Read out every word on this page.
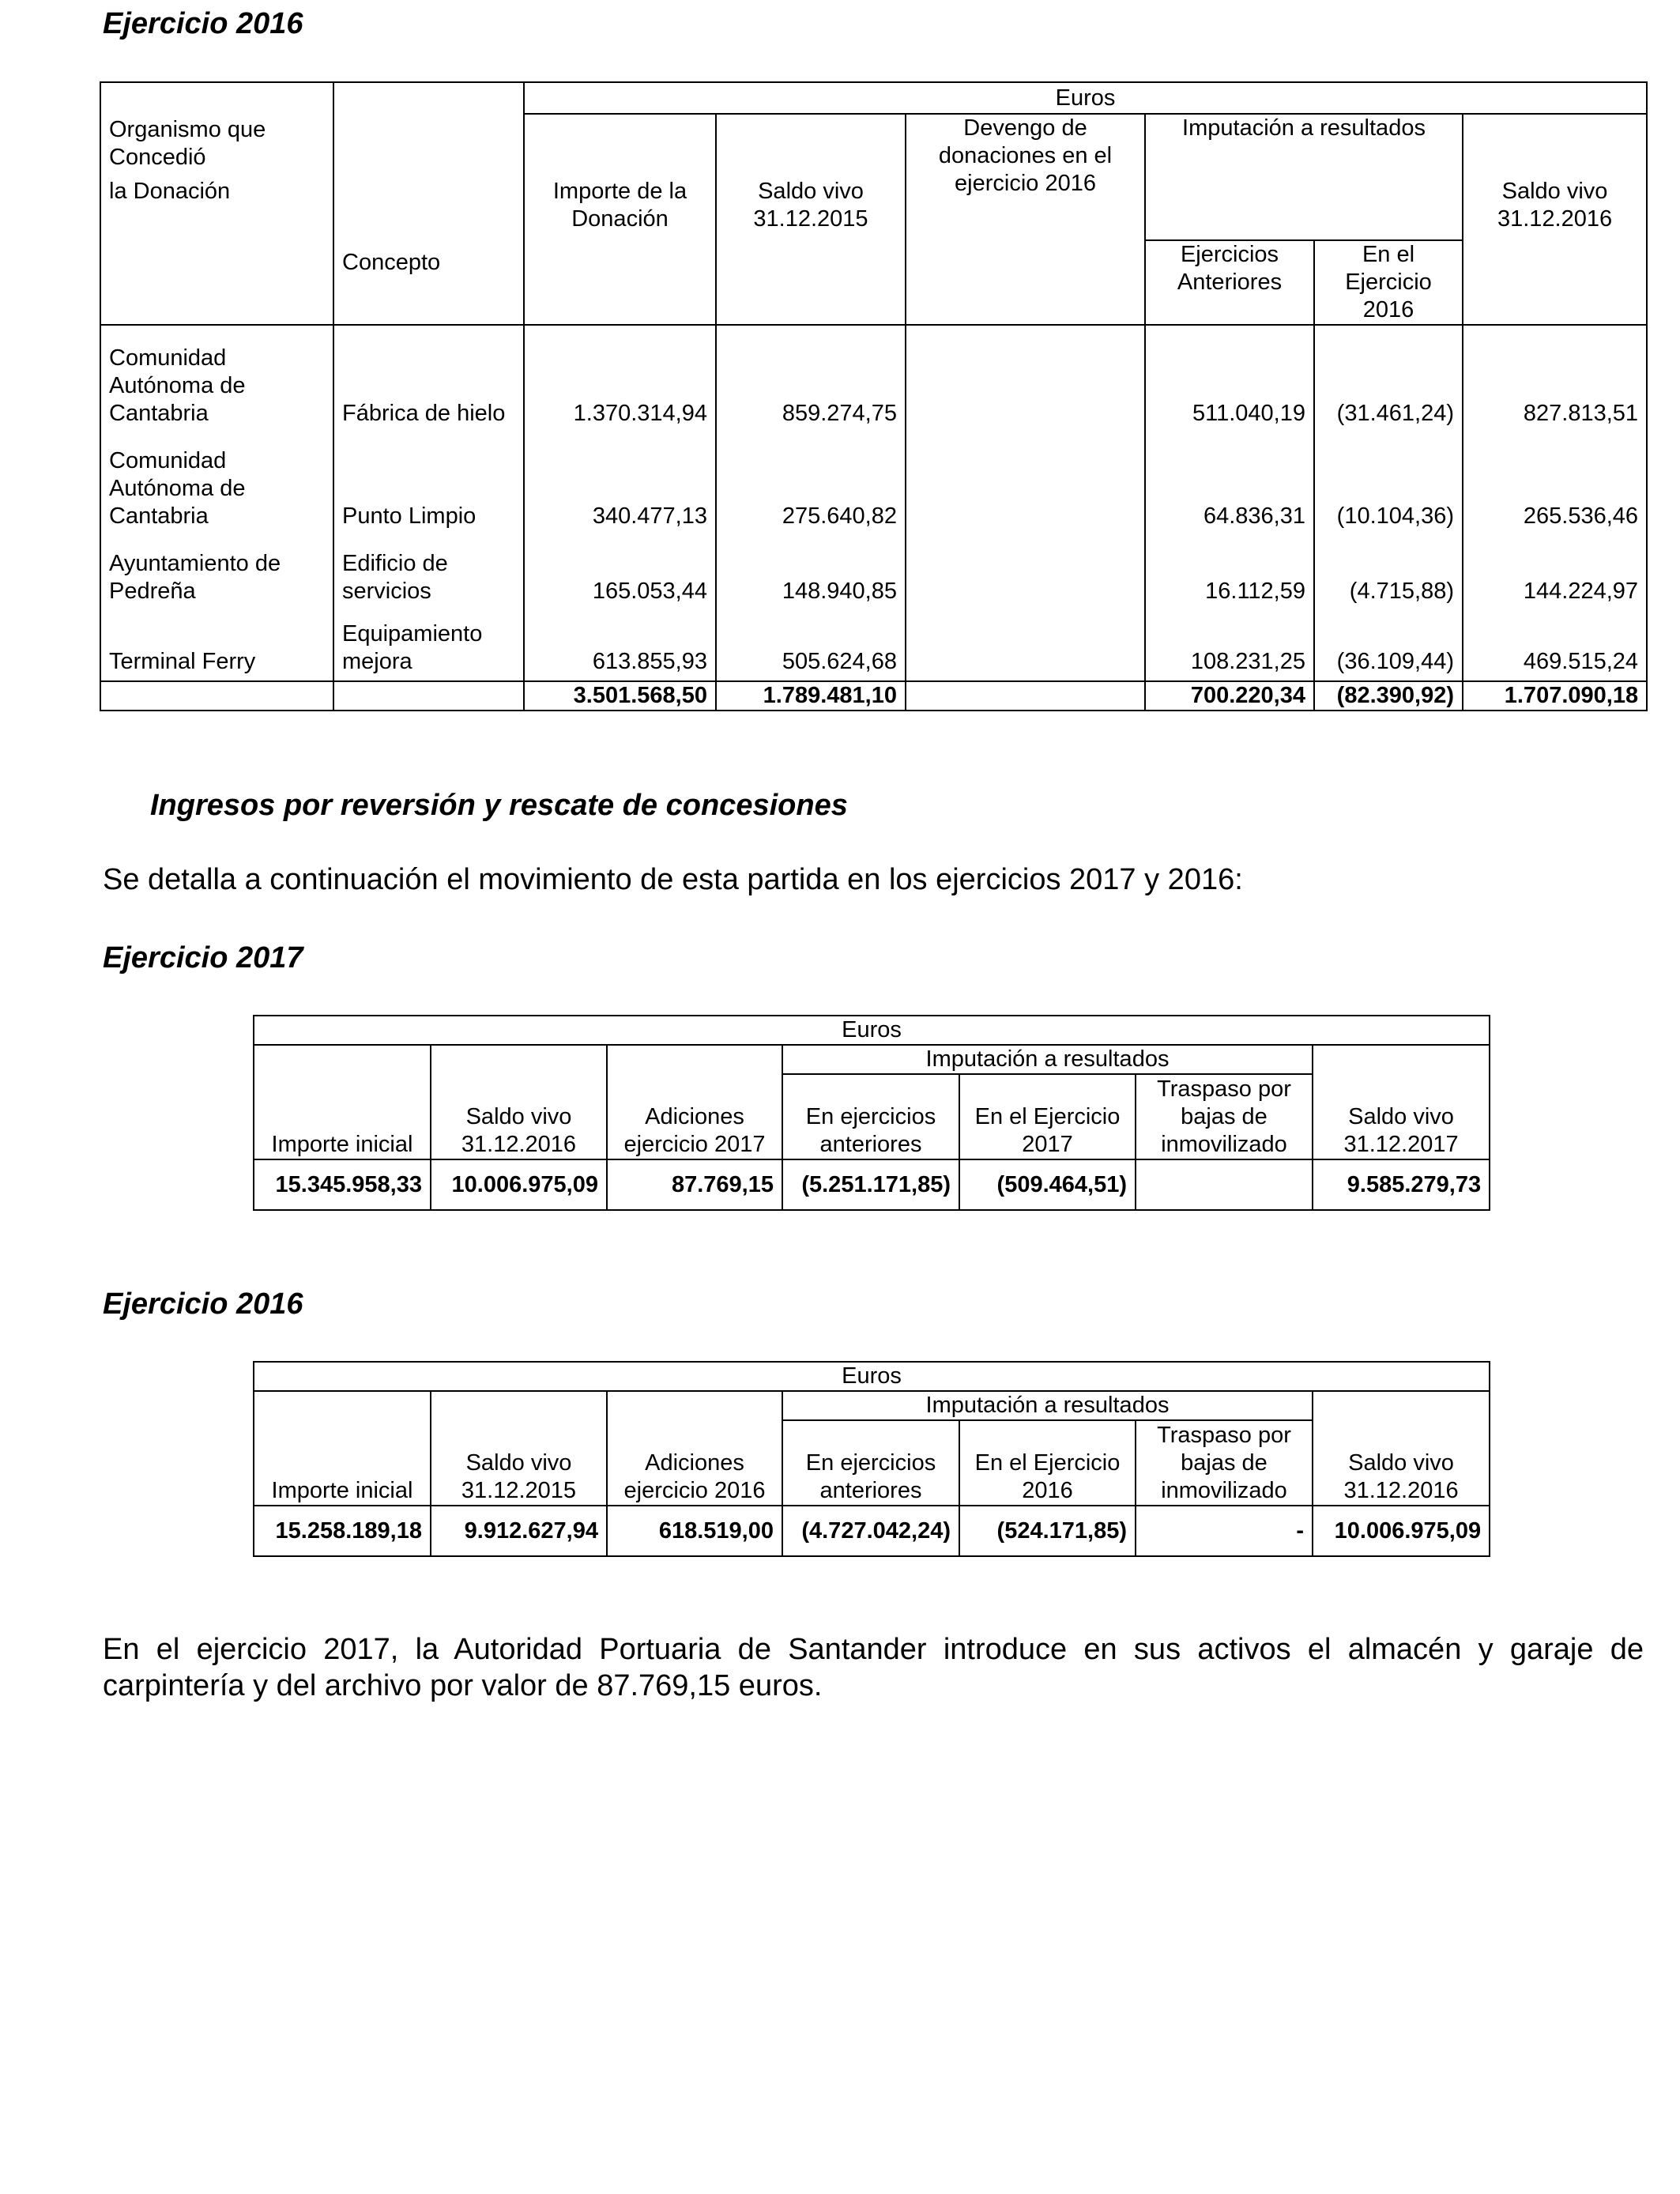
Ejercicio 2016
Organismo que Concedió
la Donación	Concepto	Euros					
		Importe de la Donación	Saldo vivo 31.12.2015	Devengo de donaciones en el ejercicio 2016	Imputación a resultados		Saldo vivo 31.12.2016
					Ejercicios Anteriores	En el Ejercicio 2016	
Comunidad Autónoma de Cantabria	Fábrica de hielo	1.370.314,94	859.274,75		511.040,19	(31.461,24)	827.813,51
Comunidad Autónoma de Cantabria	Punto Limpio	340.477,13	275.640,82		64.836,31	(10.104,36)	265.536,46
Ayuntamiento de Pedreña	Edificio de servicios	165.053,44	148.940,85		16.112,59	(4.715,88)	144.224,97
Terminal Ferry	Equipamiento mejora	613.855,93	505.624,68		108.231,25	(36.109,44)	469.515,24
		3.501.568,50	1.789.481,10		700.220,34	(82.390,92)	1.707.090,18
Ingresos por reversión y rescate de concesiones

Se detalla a continuación el movimiento de esta partida en los ejercicios 2017 y 2016:

Ejercicio 2017
Euros						
Importe inicial	Saldo vivo 31.12.2016	Adiciones ejercicio 2017	Imputación a resultados			Saldo vivo 31.12.2017
			En ejercicios anteriores	En el Ejercicio 2017	Traspaso por bajas de inmovilizado	
15.345.958,33	10.006.975,09	87.769,15	(5.251.171,85)	(509.464,51)		9.585.279,73
Ejercicio 2016
Euros						
Importe inicial	Saldo vivo 31.12.2015	Adiciones ejercicio 2016	Imputación a resultados			Saldo vivo 31.12.2016
			En ejercicios anteriores	En el Ejercicio 2016	Traspaso por bajas de inmovilizado	
15.258.189,18	9.912.627,94	618.519,00	(4.727.042,24)	(524.171,85)	-	10.006.975,09

En el ejercicio 2017, la Autoridad Portuaria de Santander introduce en sus activos el almacén y garaje de carpintería y del archivo por valor de 87.769,15 euros.
